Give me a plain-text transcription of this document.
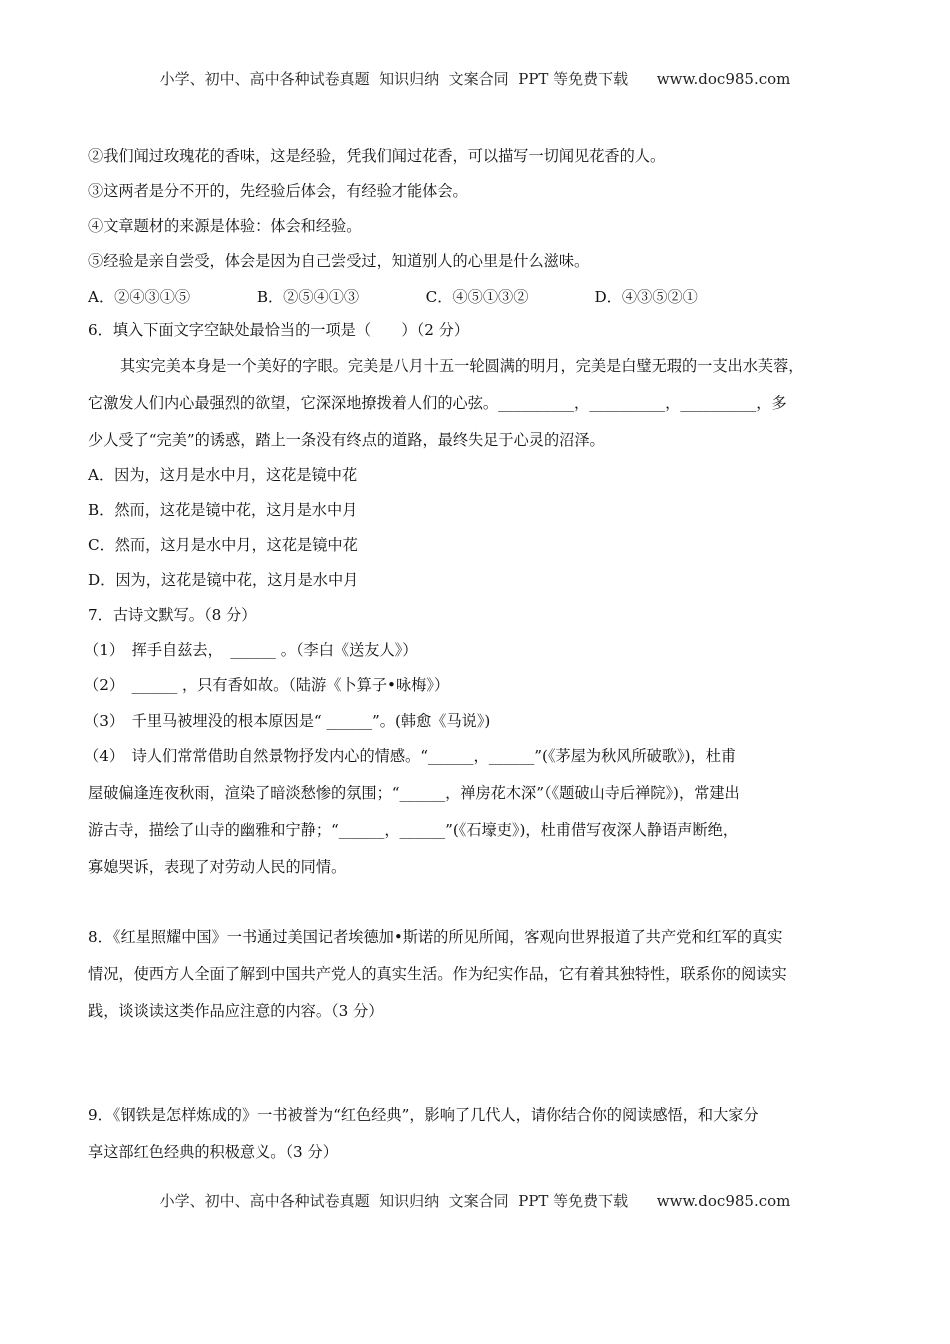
小学、初中、高中各种试卷真题  知识归纳  文案合同  PPT 等免费下载      www.doc985.com
②我们闻过玫瑰花的香味，这是经验，凭我们闻过花香，可以描写一切闻见花香的人。
③这两者是分不开的，先经验后体会，有经验才能体会。
④文章题材的来源是体验：体会和经验。
⑤经验是亲自尝受，体会是因为自己尝受过，知道别人的心里是什么滋味。
A．②④③①⑤	B．②⑤④①③	C．④⑤①③②	D．④③⑤②①
6．填入下面文字空缺处最恰当的一项是（　　）（2 分）
其实完美本身是一个美好的字眼。完美是八月十五一轮圆满的明月，完美是白璧无瑕的一支出水芙蓉，
它激发人们内心最强烈的欲望，它深深地撩拨着人们的心弦。__________，__________，__________，多
少人受了“完美”的诱惑，踏上一条没有终点的道路，最终失足于心灵的沼泽。
A．因为，这月是水中月，这花是镜中花
B．然而，这花是镜中花，这月是水中月
C．然而，这月是水中月，这花是镜中花
D．因为，这花是镜中花，这月是水中月
7．古诗文默写。（8 分）
（1）　挥手自兹去，　______ 。（李白《送友人》）
（2）　______ ，只有香如故。（陆游《卜算子•咏梅》）
（3）　千里马被埋没的根本原因是“ ______”。(韩愈《马说》)
（4）　诗人们常常借助自然景物抒发内心的情感。“______，______”(《茅屋为秋风所破歌》)，杜甫
屋破偏逢连夜秋雨，渲染了暗淡愁惨的氛围；“______，禅房花木深”（《题破山寺后禅院》)，常建出
游古寺，描绘了山寺的幽雅和宁静；“______，______”(《石壕吏》)，杜甫借写夜深人静语声断绝，
寡媳哭诉，表现了对劳动人民的同情。
8．《红星照耀中国》一书通过美国记者埃德加•斯诺的所见所闻，客观向世界报道了共产党和红军的真实
情况，使西方人全面了解到中国共产党人的真实生活。作为纪实作品，它有着其独特性，联系你的阅读实
践，谈谈读这类作品应注意的内容。（3 分）
9．《钢铁是怎样炼成的》一书被誉为“红色经典”，影响了几代人，请你结合你的阅读感悟，和大家分
享这部红色经典的积极意义。（3 分）
小学、初中、高中各种试卷真题  知识归纳  文案合同  PPT 等免费下载      www.doc985.com
